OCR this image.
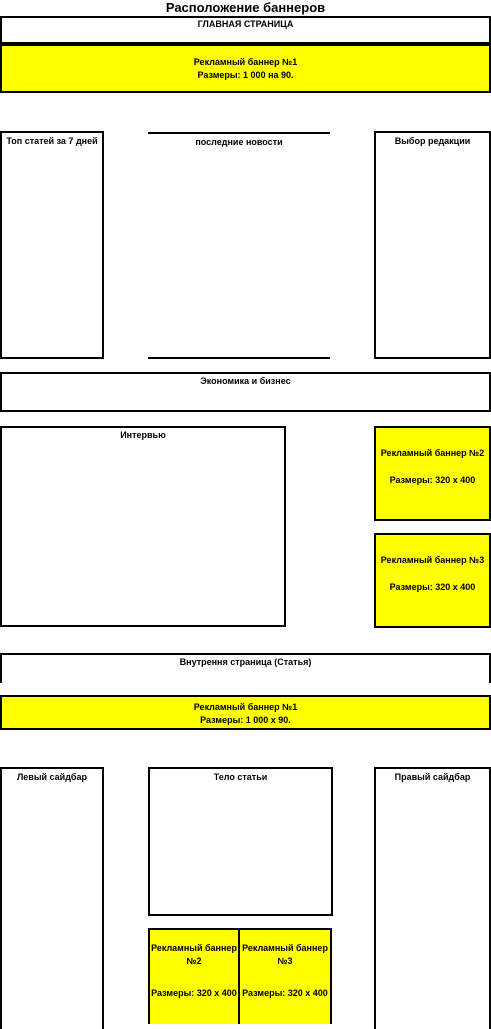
Расположение баннеров
ГЛАВНАЯ СТРАНИЦА
Рекламный баннер №1
Размеры: 1 000 на 90.
Топ статей за 7 дней	последние новости	Выбор редакции
Экономика и бизнес
Интервью
Рекламный баннер №2
Размеры: 320 х 400
Рекламный баннер №3
Размеры: 320 х 400
Внутрення страница (Статья)
Рекламный баннер №1
Размеры: 1 000 х 90.
Левый сайдбар	Тело статьи	Правый сайдбар
Рекламный баннер
№2
Размеры: 320 х 400
Рекламный баннер
№3
Размеры: 320 х 400
